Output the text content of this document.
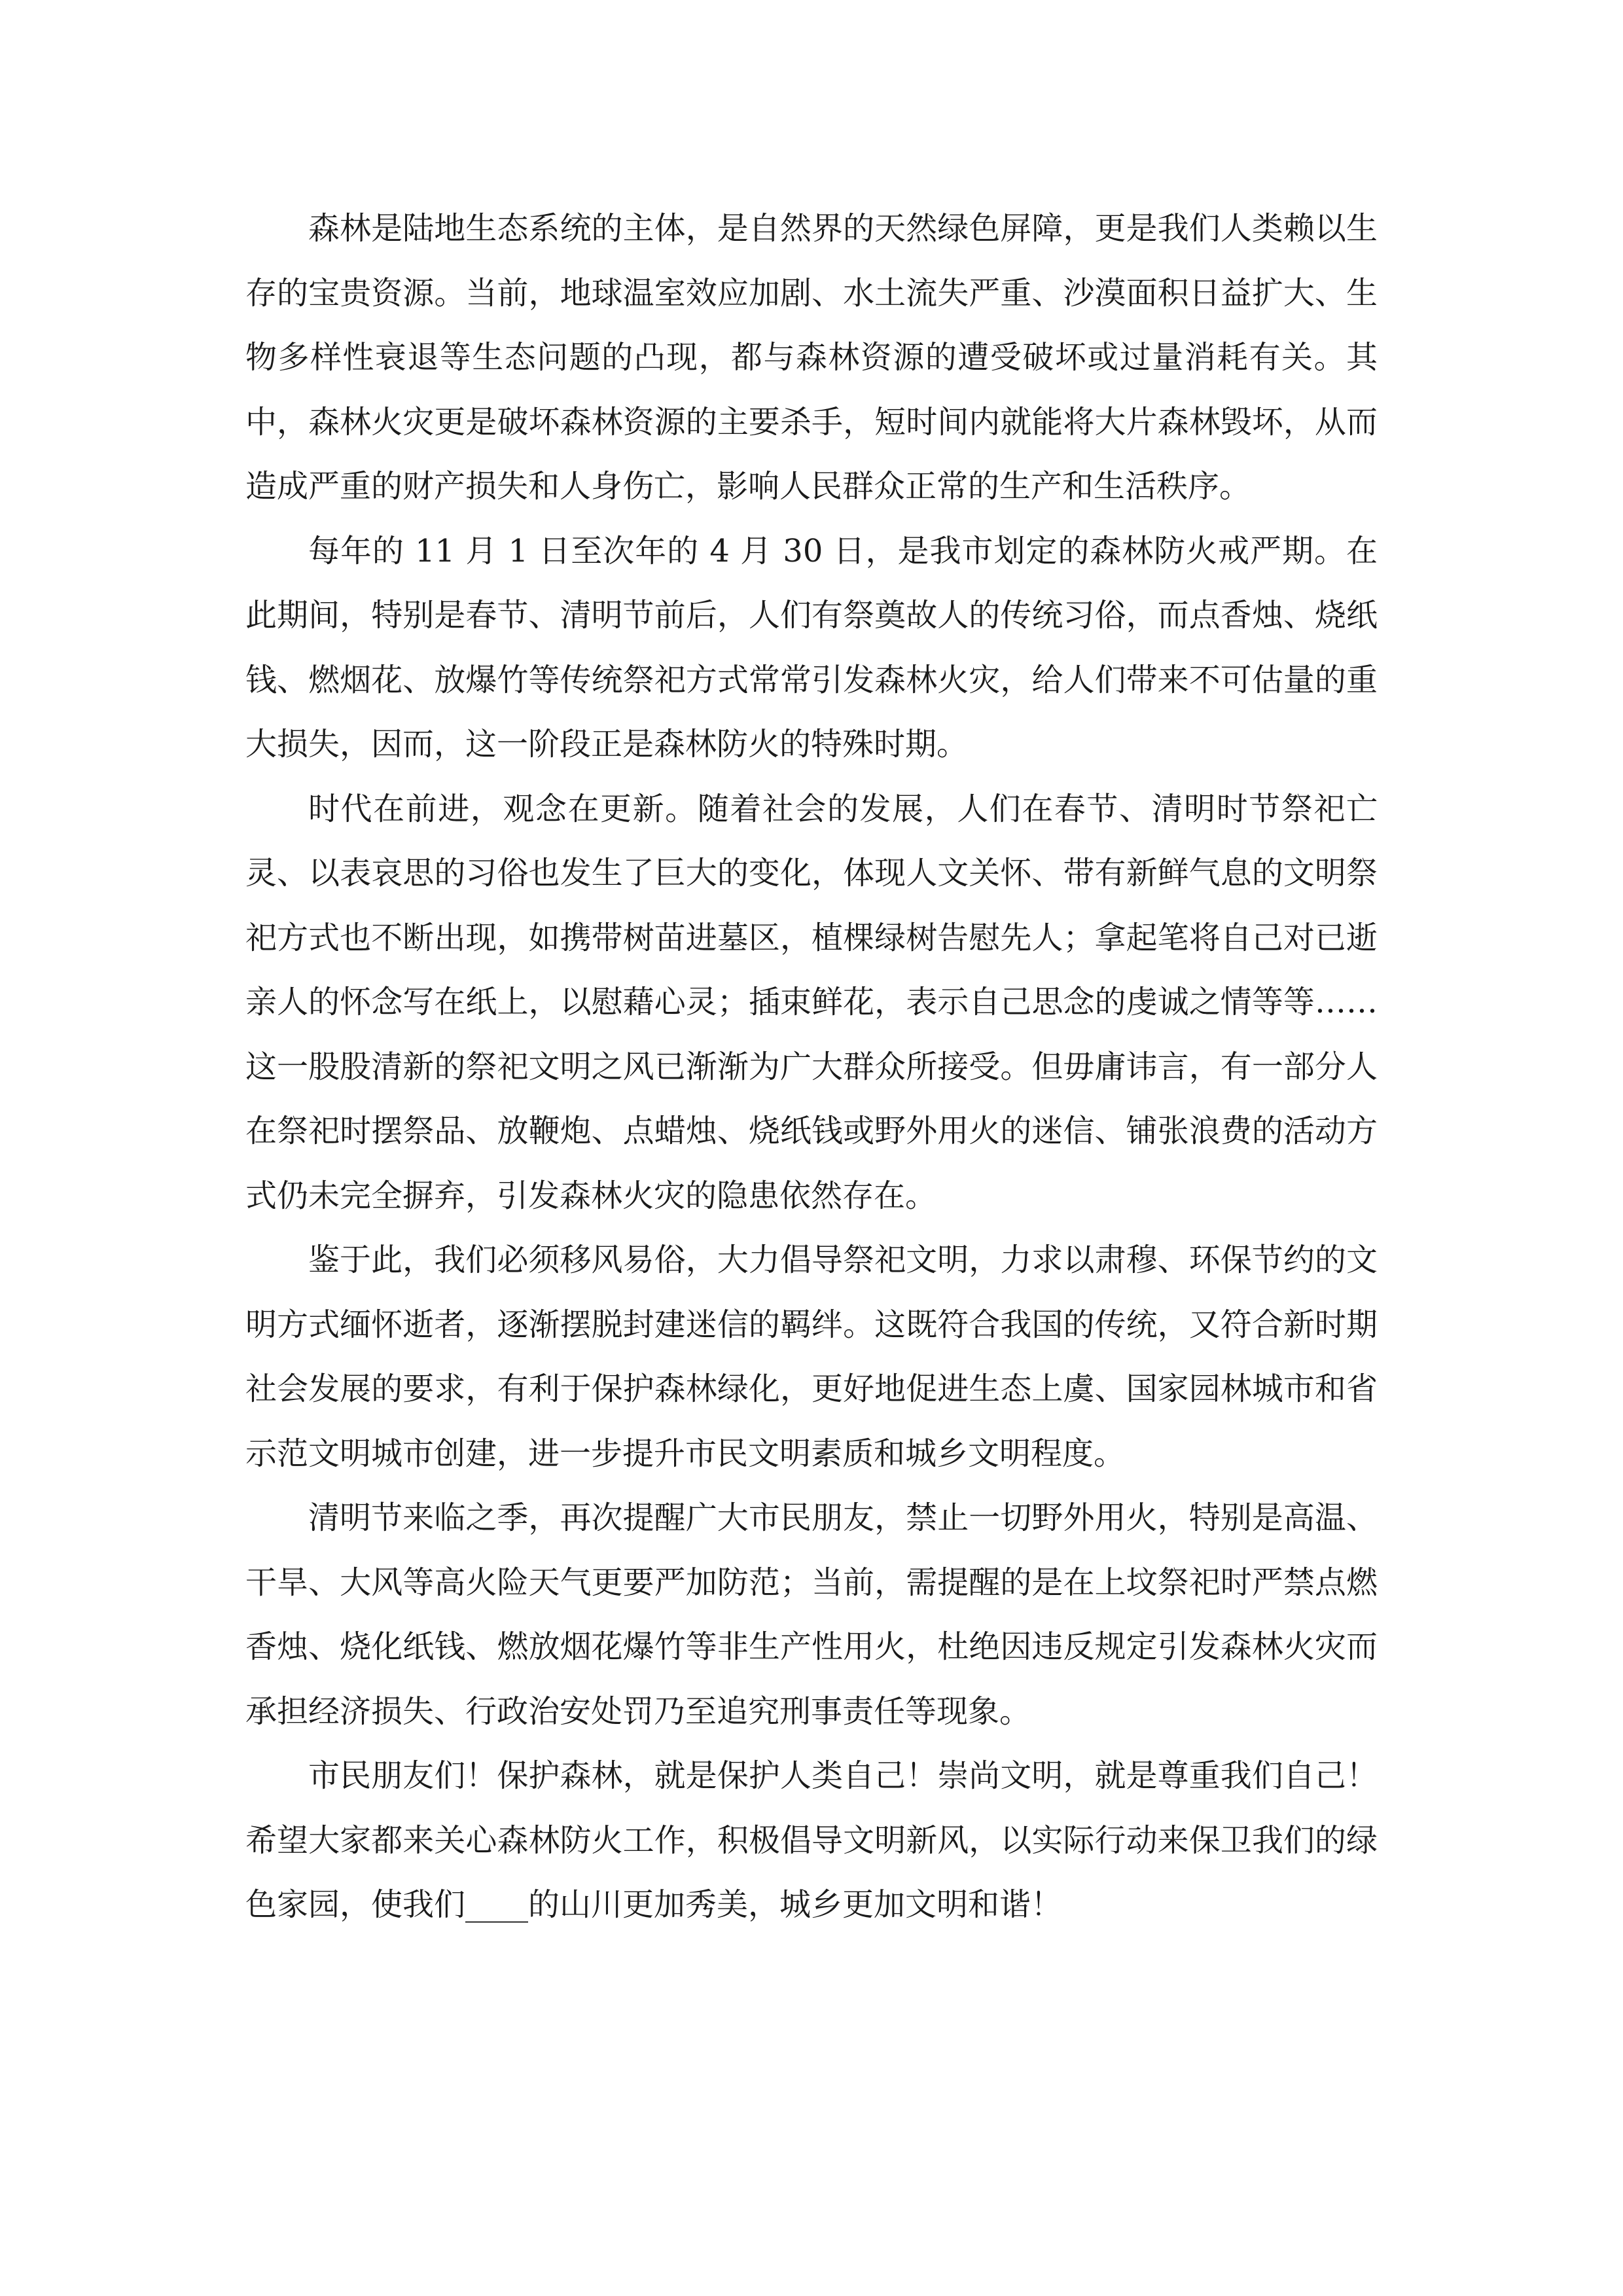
森林是陆地生态系统的主体，是自然界的天然绿色屏障，更是我们人类赖以生存的宝贵资源。当前，地球温室效应加剧、水土流失严重、沙漠面积日益扩大、生物多样性衰退等生态问题的凸现，都与森林资源的遭受破坏或过量消耗有关。其中，森林火灾更是破坏森林资源的主要杀手，短时间内就能将大片森林毁坏，从而造成严重的财产损失和人身伤亡，影响人民群众正常的生产和生活秩序。

每年的 11 月 1 日至次年的 4 月 30 日，是我市划定的森林防火戒严期。在此期间，特别是春节、清明节前后，人们有祭奠故人的传统习俗，而点香烛、烧纸钱、燃烟花、放爆竹等传统祭祀方式常常引发森林火灾，给人们带来不可估量的重大损失，因而，这一阶段正是森林防火的特殊时期。

时代在前进，观念在更新。随着社会的发展，人们在春节、清明时节祭祀亡灵、以表哀思的习俗也发生了巨大的变化，体现人文关怀、带有新鲜气息的文明祭祀方式也不断出现，如携带树苗进墓区，植棵绿树告慰先人；拿起笔将自己对已逝亲人的怀念写在纸上，以慰藉心灵；插束鲜花，表示自己思念的虔诚之情等等……这一股股清新的祭祀文明之风已渐渐为广大群众所接受。但毋庸讳言，有一部分人在祭祀时摆祭品、放鞭炮、点蜡烛、烧纸钱或野外用火的迷信、铺张浪费的活动方式仍未完全摒弃，引发森林火灾的隐患依然存在。

鉴于此，我们必须移风易俗，大力倡导祭祀文明，力求以肃穆、环保节约的文明方式缅怀逝者，逐渐摆脱封建迷信的羁绊。这既符合我国的传统，又符合新时期社会发展的要求，有利于保护森林绿化，更好地促进生态上虞、国家园林城市和省示范文明城市创建，进一步提升市民文明素质和城乡文明程度。

清明节来临之季，再次提醒广大市民朋友，禁止一切野外用火，特别是高温、干旱、大风等高火险天气更要严加防范；当前，需提醒的是在上坟祭祀时严禁点燃香烛、烧化纸钱、燃放烟花爆竹等非生产性用火，杜绝因违反规定引发森林火灾而承担经济损失、行政治安处罚乃至追究刑事责任等现象。

市民朋友们！保护森林，就是保护人类自己！崇尚文明，就是尊重我们自己！希望大家都来关心森林防火工作，积极倡导文明新风，以实际行动来保卫我们的绿色家园，使我们____的山川更加秀美，城乡更加文明和谐！
